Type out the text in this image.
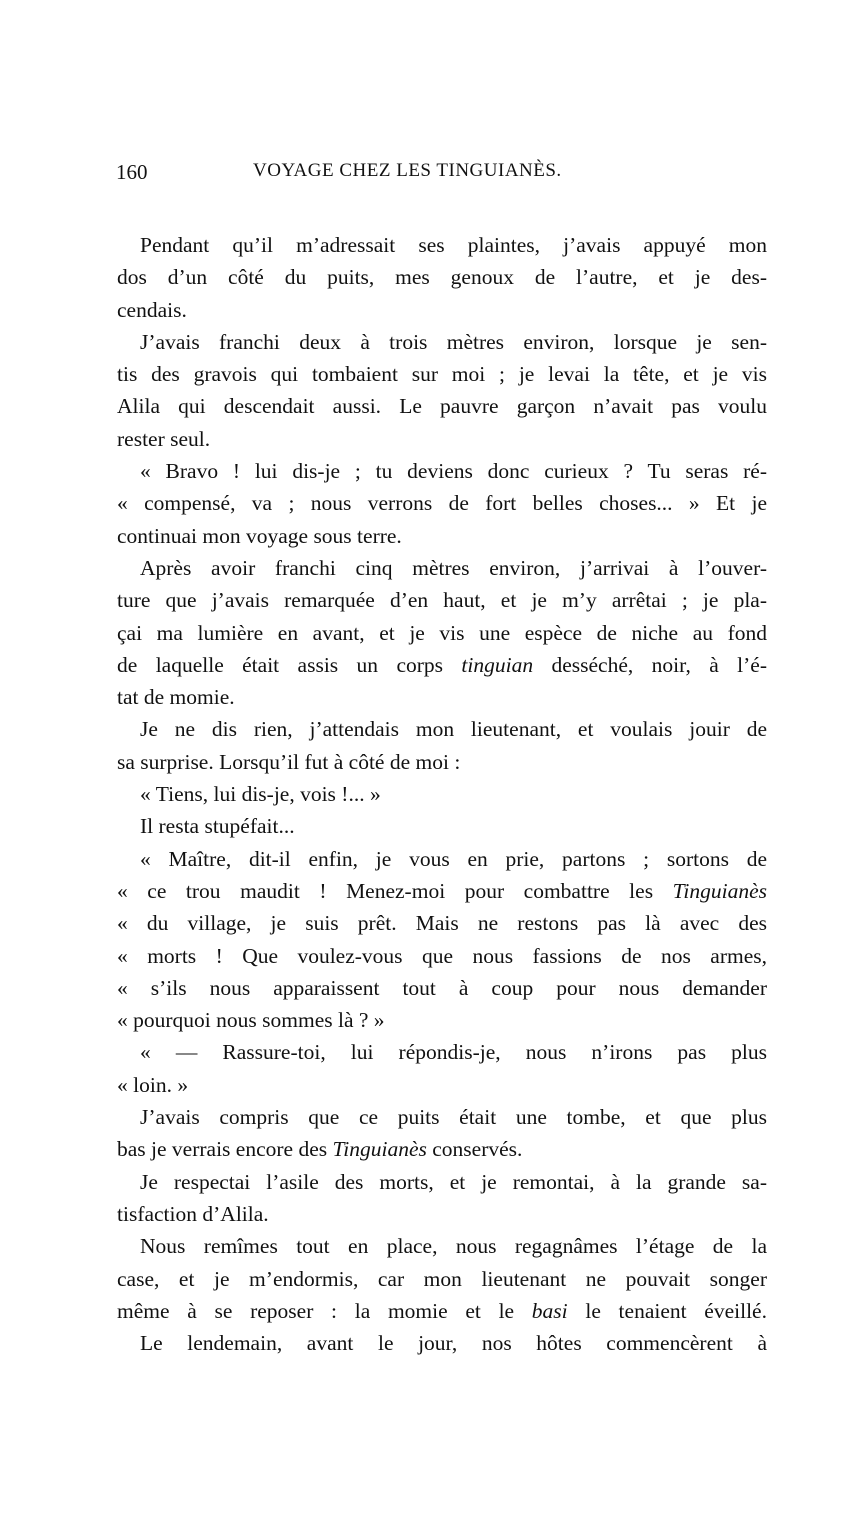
160	VOYAGE CHEZ LES TINGUIANÈS.
Pendant qu’il m’adressait ses plaintes, j’avais appuyé mon
dos d’un côté du puits, mes genoux de l’autre, et je des-
cendais.
J’avais franchi deux à trois mètres environ, lorsque je sen-
tis des gravois qui tombaient sur moi ; je levai la tête, et je vis
Alila qui descendait aussi. Le pauvre garçon n’avait pas voulu
rester seul.
« Bravo ! lui dis-je ; tu deviens donc curieux ? Tu seras ré-
« compensé, va ; nous verrons de fort belles choses... » Et je
continuai mon voyage sous terre.
Après avoir franchi cinq mètres environ, j’arrivai à l’ouver-
ture que j’avais remarquée d’en haut, et je m’y arrêtai ; je pla-
çai ma lumière en avant, et je vis une espèce de niche au fond
de laquelle était assis un corps tinguian desséché, noir, à l’é-
tat de momie.
Je ne dis rien, j’attendais mon lieutenant, et voulais jouir de
sa surprise. Lorsqu’il fut à côté de moi :
« Tiens, lui dis-je, vois !... »
Il resta stupéfait...
« Maître, dit-il enfin, je vous en prie, partons ; sortons de
« ce trou maudit ! Menez-moi pour combattre les Tinguianès
« du village, je suis prêt. Mais ne restons pas là avec des
« morts ! Que voulez-vous que nous fassions de nos armes,
« s’ils nous apparaissent tout à coup pour nous demander
« pourquoi nous sommes là ? »
« — Rassure-toi, lui répondis-je, nous n’irons pas plus
« loin. »
J’avais compris que ce puits était une tombe, et que plus
bas je verrais encore des Tinguianès conservés.
Je respectai l’asile des morts, et je remontai, à la grande sa-
tisfaction d’Alila.
Nous remîmes tout en place, nous regagnâmes l’étage de la
case, et je m’endormis, car mon lieutenant ne pouvait songer
même à se reposer : la momie et le basi le tenaient éveillé.
Le lendemain, avant le jour, nos hôtes commencèrent à
